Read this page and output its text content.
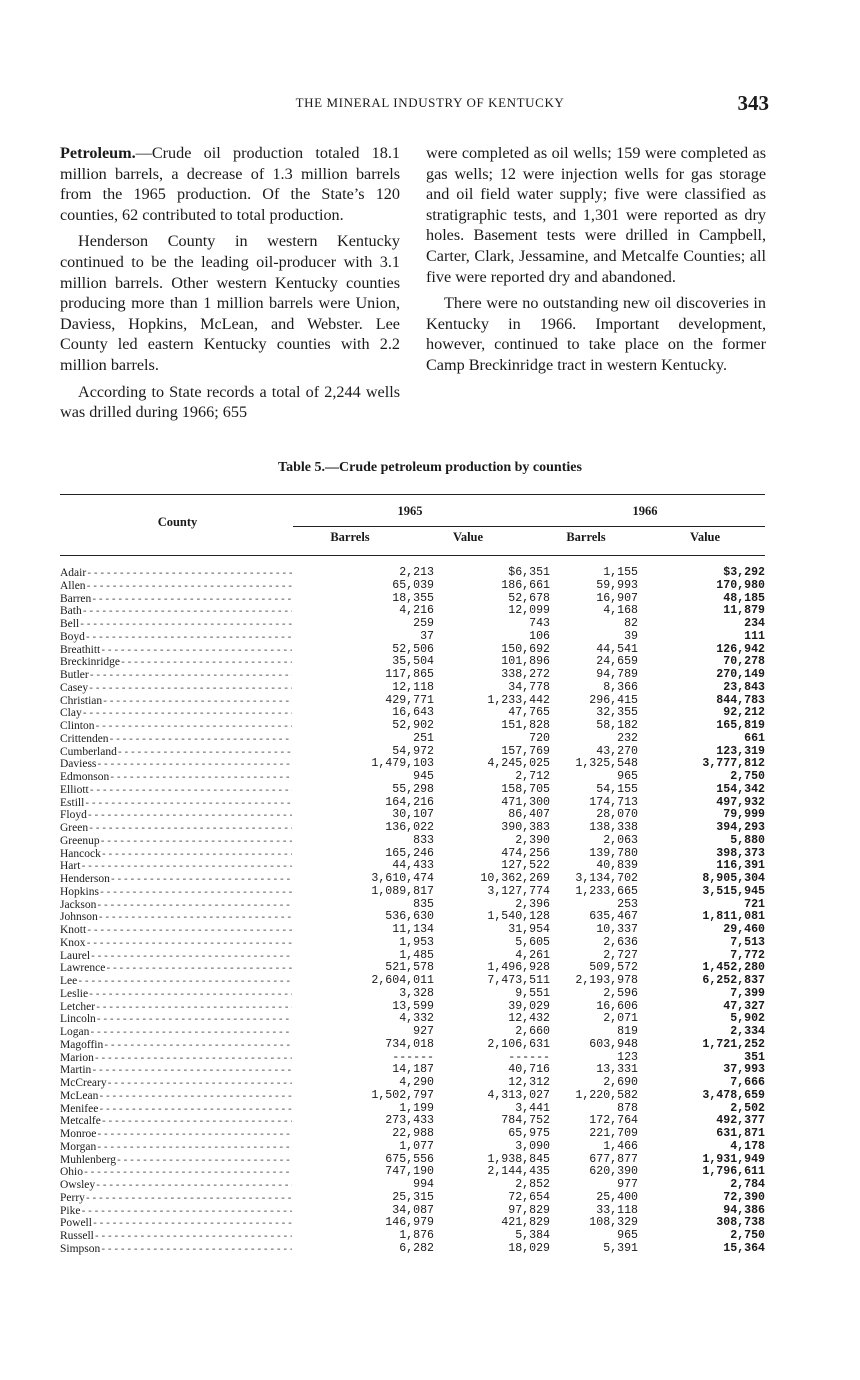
THE MINERAL INDUSTRY OF KENTUCKY	343

Petroleum.—Crude oil production totaled 18.1 million barrels, a decrease of 1.3 million barrels from the 1965 production. Of the State’s 120 counties, 62 contributed to total production.

Henderson County in western Kentucky continued to be the leading oil-producer with 3.1 million barrels. Other western Kentucky counties producing more than 1 million barrels were Union, Daviess, Hopkins, McLean, and Webster. Lee County led eastern Kentucky counties with 2.2 million barrels.

According to State records a total of 2,244 wells was drilled during 1966; 655

were completed as oil wells; 159 were completed as gas wells; 12 were injection wells for gas storage and oil field water supply; five were classified as stratigraphic tests, and 1,301 were reported as dry holes. Basement tests were drilled in Campbell, Carter, Clark, Jessamine, and Metcalfe Counties; all five were reported dry and abandoned.

There were no outstanding new oil discoveries in Kentucky in 1966. Important development, however, continued to take place on the former Camp Breckinridge tract in western Kentucky.

Table 5.—Crude petroleum production by counties
County
1965	1966
Barrels	Value	Barrels	Value
Adair -----	2,213	$6,351	1,155	$3,292
Allen -----	65,039	186,661	59,993	170,980
Barren -----	18,355	52,678	16,907	48,185
Bath -----	4,216	12,099	4,168	11,879
Bell -----	259	743	82	234
Boyd -----	37	106	39	111
Breathitt -----	52,506	150,692	44,541	126,942
Breckinridge -----	35,504	101,896	24,659	70,278
Butler -----	117,865	338,272	94,789	270,149
Casey -----	12,118	34,778	8,366	23,843
Christian -----	429,771	1,233,442	296,415	844,783
Clay -----	16,643	47,765	32,355	92,212
Clinton -----	52,902	151,828	58,182	165,819
Crittenden -----	251	720	232	661
Cumberland -----	54,972	157,769	43,270	123,319
Daviess -----	1,479,103	4,245,025 1,325,548	3,777,812
Edmonson -----	945	2,712	965	2,750
Elliott -----	55,298	158,705	54,155	154,342
Estill -----	164,216	471,300	174,713	497,932
Floyd -----	30,107	86,407	28,070	79,999
Green -----	136,022	390,383	138,338	394,293
Greenup -----	833	2,390	2,063	5,880
Hancock -----	165,246	474,256	139,780	398,373
Hart -----	44,433	127,522	40,839	116,391
Henderson -----	3,610,474	10,362,269 3,134,702	8,905,304
Hopkins -----	1,089,817	3,127,774 1,233,665	3,515,945
Jackson -----	835	2,396	253	721
Johnson -----	536,630	1,540,128	635,467	1,811,081
Knott -----	11,134	31,954	10,337	29,460
Knox -----	1,953	5,605	2,636	7,513
Laurel -----	1,485	4,261	2,727	7,772
Lawrence -----	521,578	1,496,928	509,572	1,452,280
Lee -----	2,604,011	7,473,511 2,193,978	6,252,837
Leslie -----	3,328	9,551	2,596	7,399
Letcher -----	13,599	39,029	16,606	47,327
Lincoln -----	4,332	12,432	2,071	5,902
Logan -----	927	2,660	819	2,334
Magoffin -----	734,018	2,106,631	603,948	1,721,252
Marion -----	------	------	123	351
Martin -----	14,187	40,716	13,331	37,993
McCreary -----	4,290	12,312	2,690	7,666
McLean -----	1,502,797	4,313,027 1,220,582	3,478,659
Menifee -----	1,199	3,441	878	2,502
Metcalfe -----	273,433	784,752	172,764	492,377
Monroe -----	22,988	65,975	221,709	631,871
Morgan -----	1,077	3,090	1,466	4,178
Muhlenberg -----	675,556	1,938,845	677,877	1,931,949
Ohio -----	747,190	2,144,435	620,390	1,796,611
Owsley -----	994	2,852	977	2,784
Perry -----	25,315	72,654	25,400	72,390
Pike -----	34,087	97,829	33,118	94,386
Powell -----	146,979	421,829	108,329	308,738
Russell -----	1,876	5,384	965	2,750
Simpson -----	6,282	18,029	5,391	15,364
